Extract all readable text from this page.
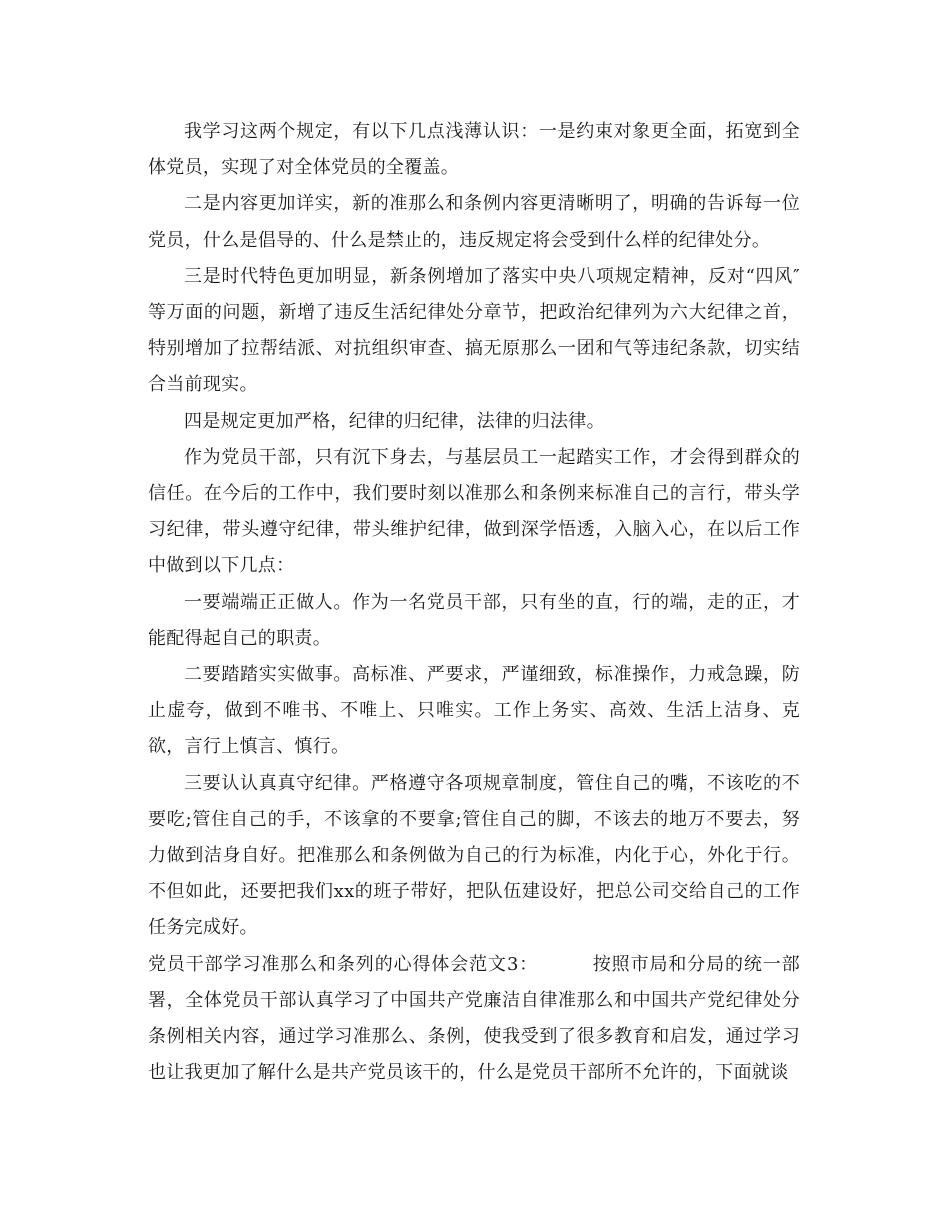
我学习这两个规定，有以下几点浅薄认识：一是约束对象更全面，拓宽到全体党员，实现了对全体党员的全覆盖。

二是内容更加详实，新的准那么和条例内容更清晰明了，明确的告诉每一位党员，什么是倡导的、什么是禁止的，违反规定将会受到什么样的纪律处分。

三是时代特色更加明显，新条例增加了落实中央八项规定精神，反对“四风″等万面的问题，新增了违反生活纪律处分章节，把政治纪律列为六大纪律之首，特别增加了拉帮结派、对抗组织审查、搞无原那么一团和气等违纪条款，切实结合当前现实。

四是规定更加严格，纪律的归纪律，法律的归法律。

作为党员干部，只有沉下身去，与基层员工一起踏实工作，才会得到群众的信任。在今后的工作中，我们要时刻以准那么和条例来标准自己的言行，带头学习纪律，带头遵守纪律，带头维护纪律，做到深学悟透，入脑入心，在以后工作中做到以下几点：

一要端端正正做人。作为一名党员干部，只有坐的直，行的端，走的正，才能配得起自己的职责。

二要踏踏实实做事。高标准、严要求，严谨细致，标准操作，力戒急躁，防止虚夸，做到不唯书、不唯上、只唯实。工作上务实、高效、生活上洁身、克欲，言行上慎言、慎行。

三要认认真真守纪律。严格遵守各项规章制度，管住自己的嘴，不该吃的不要吃;管住自己的手，不该拿的不要拿;管住自己的脚，不该去的地万不要去，努力做到洁身自好。把准那么和条例做为自己的行为标准，内化于心，外化于行。不但如此，还要把我们xx的班子带好，把队伍建设好，把总公司交给自己的工作任务完成好。

党员干部学习准那么和条列的心得体会范文3：	按照市局和分局的统一部署，全体党员干部认真学习了中国共产党廉洁自律准那么和中国共产党纪律处分条例相关内容，通过学习准那么、条例，使我受到了很多教育和启发，通过学习也让我更加了解什么是共产党员该干的，什么是党员干部所不允许的，下面就谈
